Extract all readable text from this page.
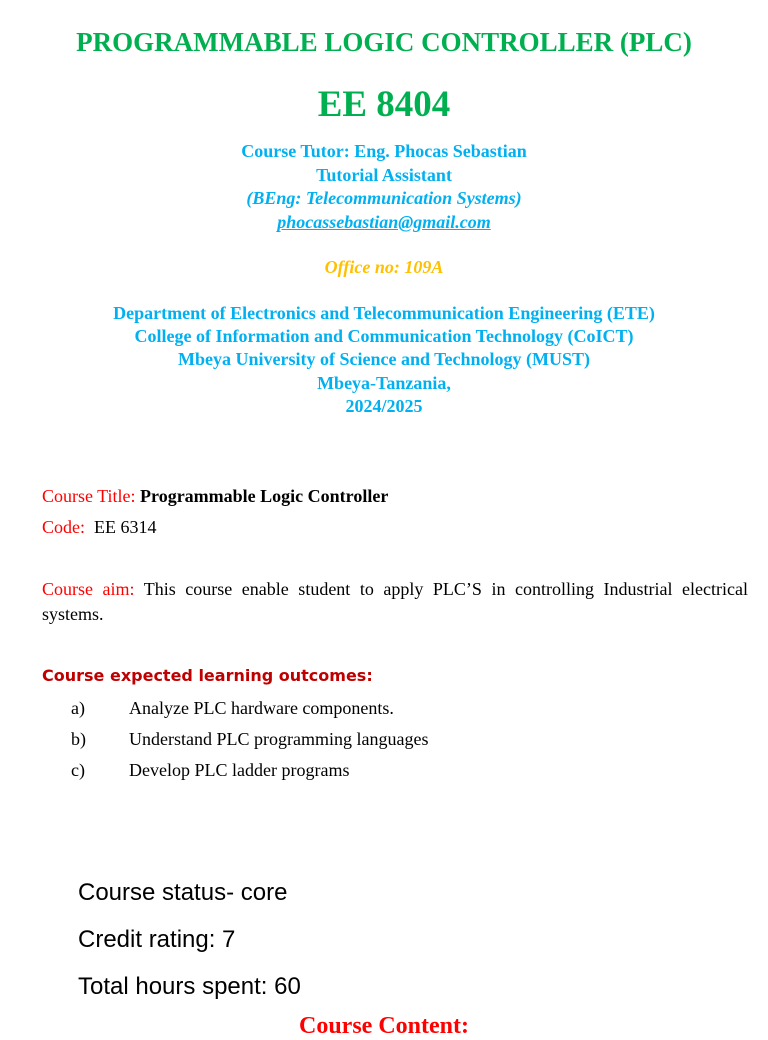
PROGRAMMABLE LOGIC CONTROLLER (PLC)
EE 8404
Course Tutor: Eng. Phocas Sebastian
Tutorial Assistant
(BEng: Telecommunication Systems)
phocassebastian@gmail.com
Office no: 109A
Department of Electronics and Telecommunication Engineering (ETE)
College of Information and Communication Technology (CoICT)
Mbeya University of Science and Technology (MUST)
Mbeya-Tanzania,
2024/2025
Course Title: Programmable Logic Controller
Code:  EE 6314
Course aim: This course enable student to apply PLC’S in controlling Industrial electrical systems.
Course expected learning outcomes:
a) Analyze PLC hardware components.
b) Understand PLC programming languages
c) Develop PLC ladder programs
Course status- core
Credit rating: 7
Total hours spent: 60
Course Content:
